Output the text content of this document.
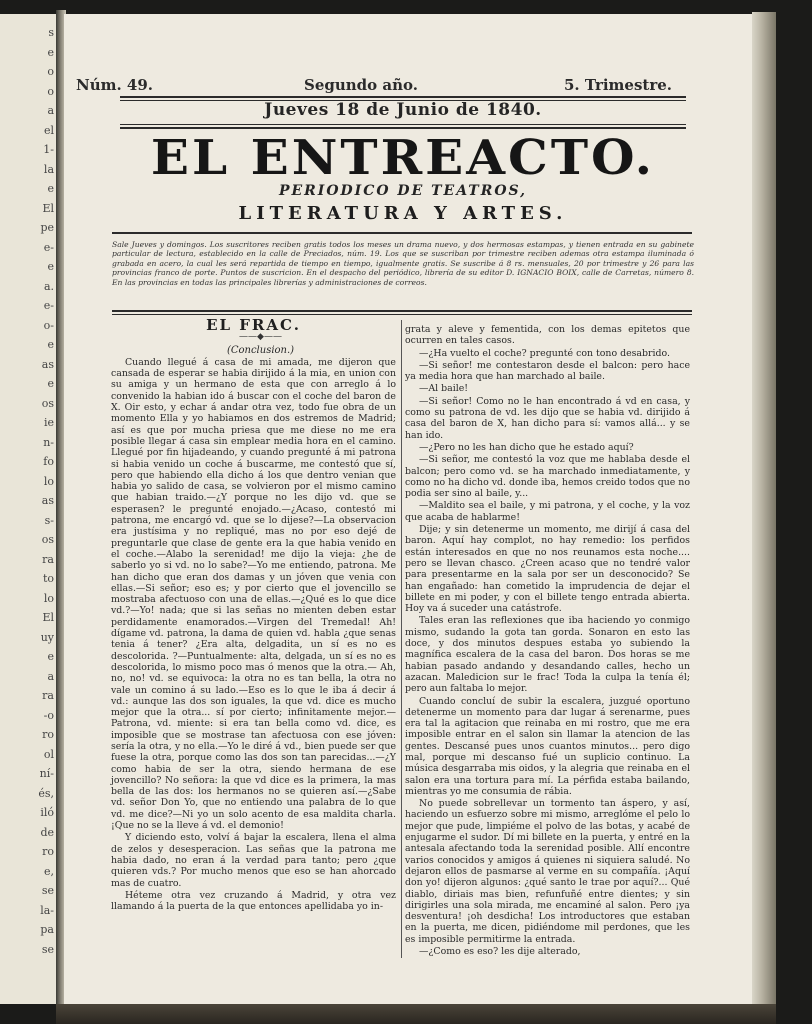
s
e
o
o
a
el
1-
la
e
El
pe
e-
e
a.
e-
o-
e
as
e
os
ie
n-
fo
lo
as
s-
os
ra
to
lo
El
uy
e
a
ra
-o
ro
ol
ní-
és,
iló
de
ro
e,
se
la-
pa
se
Núm. 49.	Segundo año.	5. Trimestre.
Jueves 18 de Junio de 1840.
EL ENTREACTO.
PERIODICO DE TEATROS,
LITERATURA Y ARTES.
Sale Jueves y domingos. Los suscritores reciben gratis todos los meses un drama nuevo, y dos hermosas estampas, y tienen entrada en su gabinete particular de lectura, establecido en la calle de Preciados, núm. 19. Los que se suscriban por trimestre reciben ademas otra estampa iluminada ó grabada en acero, la cual les será repartida de tiempo en tiempo, igualmente gratis. Se suscribe á 8 rs. mensuales, 20 por trimestre y 26 para las provincias franco de porte. Puntos de suscricion. En el despacho del periódico, librería de su editor D. IGNACIO BOIX, calle de Carretas, número 8. En las provincias en todas las principales librerías y administraciones de correos.

EL FRAC.

——◆——

(Conclusion.)

Cuando llegué á casa de mi amada, me dijeron que cansada de esperar se habia dirijido á la mia, en union con su amiga y un hermano de esta que con arreglo á lo convenido la habian ido á buscar con el coche del baron de X. Oir esto, y echar á andar otra vez, todo fue obra de un momento Ella y yo habiamos en dos estremos de Madrid; así es que por mucha priesa que me diese no me era posible llegar á casa sin emplear media hora en el camino. Llegué por fin hijadeando, y cuando pregunté á mi patrona si habia venido un coche á buscarme, me contestó que sí, pero que habiendo ella dicho á los que dentro venian que habia yo salido de casa, se volvieron por el mismo camino que habian traido.—¿Y porque no les dijo vd. que se esperasen? le pregunté enojado.—¿Acaso, contestó mi patrona, me encargó vd. que se lo dijese?—La observacion era justísima y no repliqué, mas no por eso dejé de preguntarle que clase de gente era la que habia venido en el coche.—Alabo la serenidad! me dijo la vieja: ¿he de saberlo yo si vd. no lo sabe?—Yo me entiendo, patrona. Me han dicho que eran dos damas y un jóven que venia con ellas.—Si señor; eso es; y por cierto que el jovencillo se mostraba afectuoso con una de ellas.—¿Qué es lo que dice vd.?—Yo! nada; que si las señas no mienten deben estar perdidamente enamorados.—Virgen del Tremedal! Ah! dígame vd. patrona, la dama de quien vd. habla ¿que senas tenia á tener? ¿Era alta, delgadita, un sí es no es descolorida. ?—Puntualmente: alta, delgada, un sí es no es descolorida, lo mismo poco mas ó menos que la otra.— Ah, no, no! vd. se equivoca: la otra no es tan bella, la otra no vale un comino á su lado.—Eso es lo que le iba á decir á vd.: aunque las dos son iguales, la que vd. dice es mucho mejor que la otra... sí por cierto; infinitamente mejor.—Patrona, vd. miente: si era tan bella como vd. dice, es imposible que se mostrase tan afectuosa con ese jóven: sería la otra, y no ella.—Yo le diré á vd., bien puede ser que fuese la otra, porque como las dos son tan parecidas...—¿Y como habia de ser la otra, siendo hermana de ese jovencillo? No señora: la que vd dice es la primera, la mas bella de las dos: los hermanos no se quieren así.—¿Sabe vd. señor Don Yo, que no entiendo una palabra de lo que vd. me dice?—Ni yo un solo acento de esa maldita charla. ¡Que no se la lleve á vd. el demonio!

Y diciendo esto, volví á bajar la escalera, llena el alma de zelos y desesperacion. Las señas que la patrona me habia dado, no eran á la verdad para tanto; pero ¿que quieren vds.? Por mucho menos que eso se han ahorcado mas de cuatro.

Héteme otra vez cruzando á Madrid, y otra vez llamando á la puerta de la que entonces apellidaba yo in-

grata y aleve y fementida, con los demas epitetos que ocurren en tales casos.

—¿Ha vuelto el coche? pregunté con tono desabrido.

—Si señor! me contestaron desde el balcon: pero hace ya media hora que han marchado al baile.

—Al baile!

—Si señor! Como no le han encontrado á vd en casa, y como su patrona de vd. les dijo que se habia vd. dirijido á casa del baron de X, han dicho para sí: vamos allá... y se han ido.

—¿Pero no les han dicho que he estado aquí?

—Si señor, me contestó la voz que me hablaba desde el balcon; pero como vd. se ha marchado inmediatamente, y como no ha dicho vd. donde iba, hemos creido todos que no podia ser sino al baile, y...

—Maldito sea el baile, y mi patrona, y el coche, y la voz que acaba de hablarme!

Dije; y sin detenerme un momento, me dirijí á casa del baron. Aquí hay complot, no hay remedio: los perfidos están interesados en que no nos reunamos esta noche.... pero se llevan chasco. ¿Creen acaso que no tendré valor para presentarme en la sala por ser un desconocido? Se han engañado: han cometido la imprudencia de dejar el billete en mi poder, y con el billete tengo entrada abierta. Hoy va á suceder una catástrofe.

Tales eran las reflexiones que iba haciendo yo conmigo mismo, sudando la gota tan gorda. Sonaron en esto las doce, y dos minutos despues estaba yo subiendo la magnífica escalera de la casa del baron. Dos horas se me habian pasado andando y desandando calles, hecho un azacan. Maledicion sur le frac! Toda la culpa la tenía él; pero aun faltaba lo mejor.

Cuando concluí de subir la escalera, juzgué oportuno detenerme un momento para dar lugar á serenarme, pues era tal la agitacion que reinaba en mi rostro, que me era imposible entrar en el salon sin llamar la atencion de las gentes. Descansé pues unos cuantos minutos... pero digo mal, porque mi descanso fué un suplicio continuo. La música desgarraba mis oidos, y la alegria que reinaba en el salon era una tortura para mí. La pérfida estaba bailando, mientras yo me consumia de rábia.

No puede sobrellevar un tormento tan áspero, y así, haciendo un esfuerzo sobre mi mismo, arreglóme el pelo lo mejor que pude, limpiéme el polvo de las botas, y acabé de enjugarme el sudor. Dí mi billete en la puerta, y entré en la antesala afectando toda la serenidad posible. Allí encontre varios conocidos y amigos á quienes ni siquiera saludé. No dejaron ellos de pasmarse al verme en su compañía. ¡Aquí don yo! dijeron algunos: ¿qué santo le trae por aquí?... Qué diablo, diriais mas bien, refunfuñé entre dientes; y sin dirigirles una sola mirada, me encaminé al salon. Pero ¡ya desventura! ¡oh desdicha! Los introductores que estaban en la puerta, me dicen, pidiéndome mil perdones, que les es imposible permitirme la entrada.

—¿Como es eso? les dije alterado,
